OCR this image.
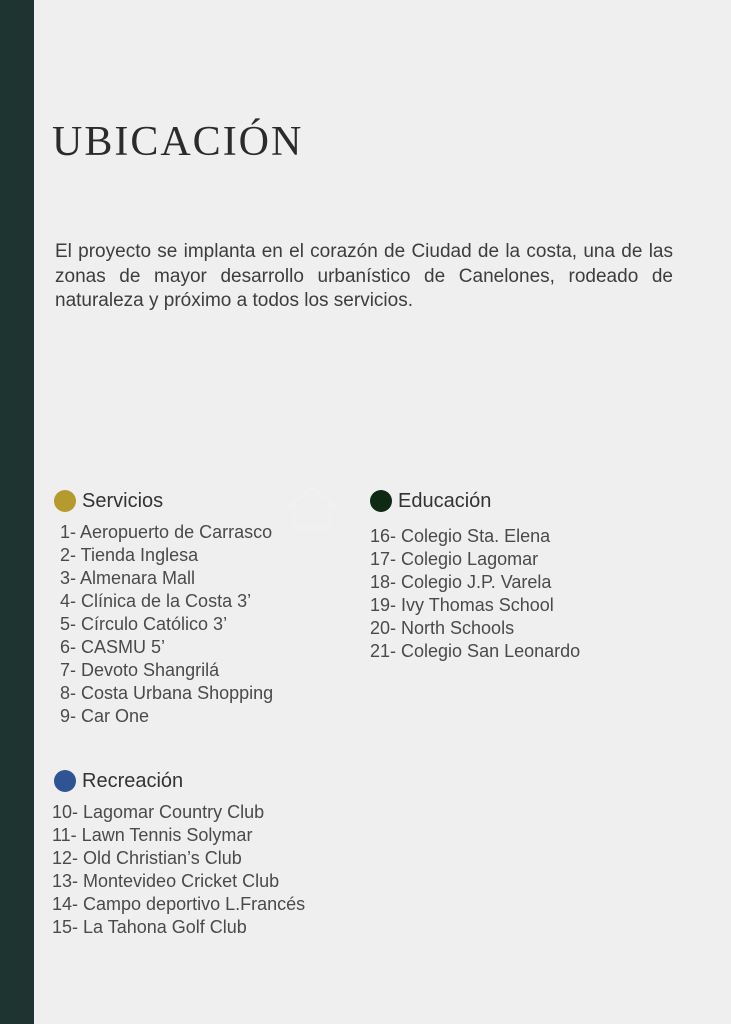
UBICACIÓN

El proyecto se implanta en el corazón de Ciudad de la costa, una de las zonas de mayor desarrollo urbanístico de Canelones, rodeado de naturaleza y próximo a todos los servicios.

Servicios
1- Aeropuerto de Carrasco
2- Tienda Inglesa
3- Almenara Mall
4- Clínica de la Costa 3’
5- Círculo Católico 3’
6- CASMU 5’
7- Devoto Shangrilá
8- Costa Urbana Shopping
9- Car One
Educación
16- Colegio Sta. Elena
17- Colegio Lagomar
18- Colegio J.P. Varela
19- Ivy Thomas School
20- North Schools
21- Colegio San Leonardo
Recreación
10- Lagomar Country Club
11- Lawn Tennis Solymar
12- Old Christian’s Club
13- Montevideo Cricket Club
14- Campo deportivo L.Francés
15- La Tahona Golf Club
